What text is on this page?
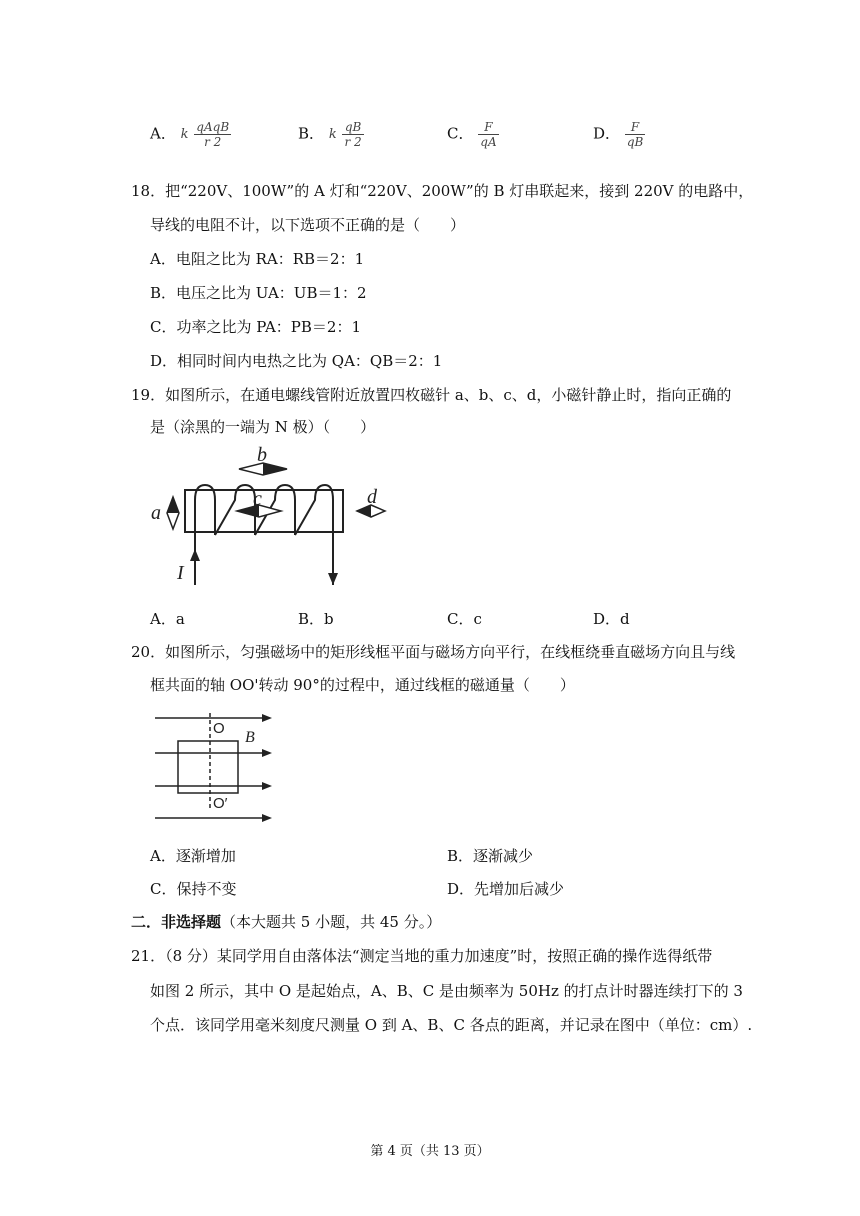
A． k $\frac{\text{qAqB}}{r 2}$	B． k $\frac{qB}{r 2}$	C． $\frac{F}{qA}$	D． $\frac{F}{qB}$
18．把“220V、100W”的 A 灯和“220V、200W”的 B 灯串联起来，接到 220V 的电路中，
导线的电阻不计，以下选项不正确的是（　　）
A．电阻之比为 RA：RB＝2：1
B．电压之比为 UA：UB＝1：2
C．功率之比为 PA：PB＝2：1
D．相同时间内电热之比为 QA：QB＝2：1
19．如图所示，在通电螺线管附近放置四枚磁针 a、b、c、d，小磁针静止时，指向正确的
是（涂黑的一端为 N 极）（　　）
a
b
c	d
I
A．a	B．b	C．c	D．d
20．如图所示，匀强磁场中的矩形线框平面与磁场方向平行，在线框绕垂直磁场方向且与线
框共面的轴 OO'转动 90°的过程中，通过线框的磁通量（　　）
O
O′
B
A．逐渐增加	B．逐渐减少
C．保持不变	D．先增加后减少
二．非选择题（本大题共 5 小题，共 45 分。）
21．（8 分）某同学用自由落体法“测定当地的重力加速度”时，按照正确的操作选得纸带
如图 2 所示，其中 O 是起始点，A、B、C 是由频率为 50Hz 的打点计时器连续打下的 3
个点．该同学用毫米刻度尺测量 O 到 A、B、C 各点的距离，并记录在图中（单位：cm）.
第 4 页（共 13 页）
